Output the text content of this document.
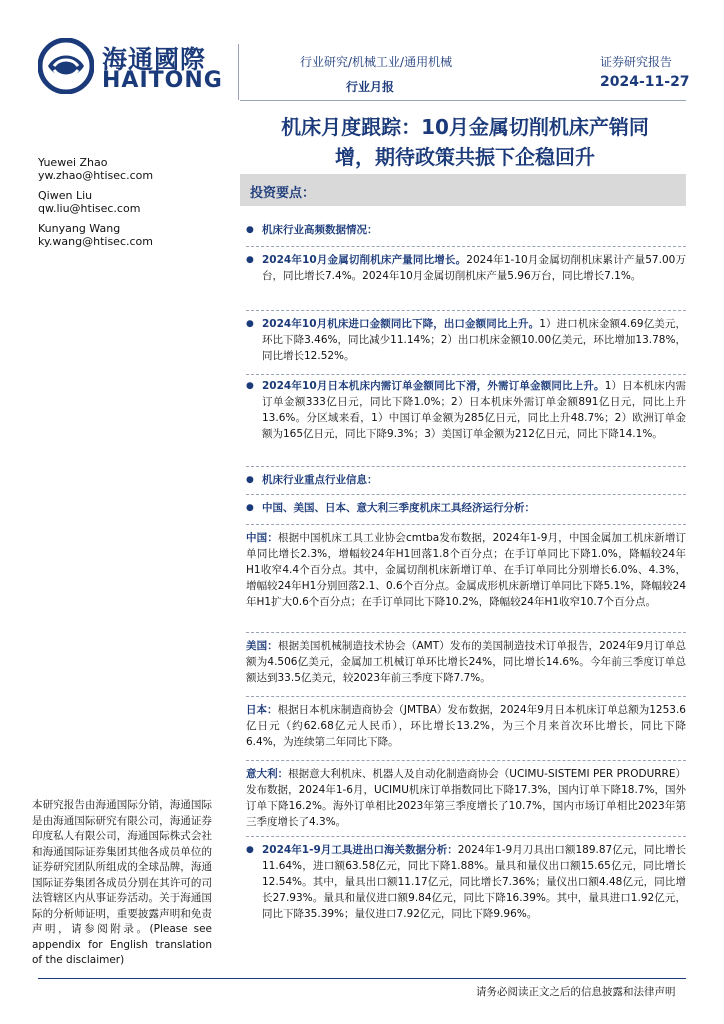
海通國際
HAITONG
行业研究/机械工业/通用机械
行业月报
证券研究报告
2024-11-27
机床月度跟踪：10月金属切削机床产销同
增，期待政策共振下企稳回升
Yuewei Zhao
yw.zhao@htisec.com
Qiwen Liu
qw.liu@htisec.com
Kunyang Wang
ky.wang@htisec.com
投资要点：
● 机床行业高频数据情况：
● 2024年10月金属切削机床产量同比增长。2024年1-10月金属切削机床累计产量57.00万台，同比增长7.4%。2024年10月金属切削机床产量5.96万台，同比增长7.1%。
● 2024年10月机床进口金额同比下降，出口金额同比上升。1）进口机床金额4.69亿美元，环比下降3.46%，同比减少11.14%；2）出口机床金额10.00亿美元，环比增加13.78%，同比增长12.52%。
● 2024年10月日本机床内需订单金额同比下滑，外需订单金额同比上升。1）日本机床内需订单金额333亿日元，同比下降1.0%；2）日本机床外需订单金额891亿日元，同比上升13.6%。分区域来看，1）中国订单金额为285亿日元，同比上升48.7%；2）欧洲订单金额为165亿日元，同比下降9.3%；3）美国订单金额为212亿日元，同比下降14.1%。
● 机床行业重点行业信息：
● 中国、美国、日本、意大利三季度机床工具经济运行分析：
中国：根据中国机床工具工业协会cmtba发布数据，2024年1-9月，中国金属加工机床新增订单同比增长2.3%，增幅较24年H1回落1.8个百分点；在手订单同比下降1.0%，降幅较24年H1收窄4.4个百分点。其中，金属切削机床新增订单、在手订单同比分别增长6.0%、4.3%，增幅较24年H1分别回落2.1、0.6个百分点。金属成形机床新增订单同比下降5.1%，降幅较24年H1扩大0.6个百分点；在手订单同比下降10.2%，降幅较24年H1收窄10.7个百分点。
美国：根据美国机械制造技术协会（AMT）发布的美国制造技术订单报告，2024年9月订单总额为4.506亿美元，金属加工机械订单环比增长24%，同比增长14.6%。今年前三季度订单总额达到33.5亿美元，较2023年前三季度下降7.7%。
日本：根据日本机床制造商协会（JMTBA）发布数据，2024年9月日本机床订单总额为1253.6亿日元（约62.68亿元人民币），环比增长13.2%，为三个月来首次环比增长，同比下降6.4%，为连续第二年同比下降。
意大利：根据意大利机床、机器人及自动化制造商协会（UCIMU-SISTEMI PER PRODURRE）发布数据，2024年1-6月，UCIMU机床订单指数同比下降17.3%，国内订单下降18.7%，国外订单下降16.2%。海外订单相比2023年第三季度增长了10.7%，国内市场订单相比2023年第三季度增长了4.3%。
● 2024年1-9月工具进出口海关数据分析：2024年1-9月刀具出口额189.87亿元，同比增长11.64%，进口额63.58亿元，同比下降1.88%。量具和量仪出口额15.65亿元，同比增长12.54%。其中，量具出口额11.17亿元，同比增长7.36%；量仪出口额4.48亿元，同比增长27.93%。量具和量仪进口额9.84亿元，同比下降16.39%。其中，量具进口1.92亿元，同比下降35.39%；量仪进口7.92亿元，同比下降9.96%。
本研究报告由海通国际分销，海通国际是由海通国际研究有限公司，海通证券印度私人有限公司，海通国际株式会社和海通国际证券集团其他各成员单位的证券研究团队所组成的全球品牌，海通国际证券集团各成员分别在其许可的司法管辖区内从事证券活动。关于海通国际的分析师证明，重要披露声明和免责声明，请参阅附录。(Please see appendix for English translation of the disclaimer)
请务必阅读正文之后的信息披露和法律声明
